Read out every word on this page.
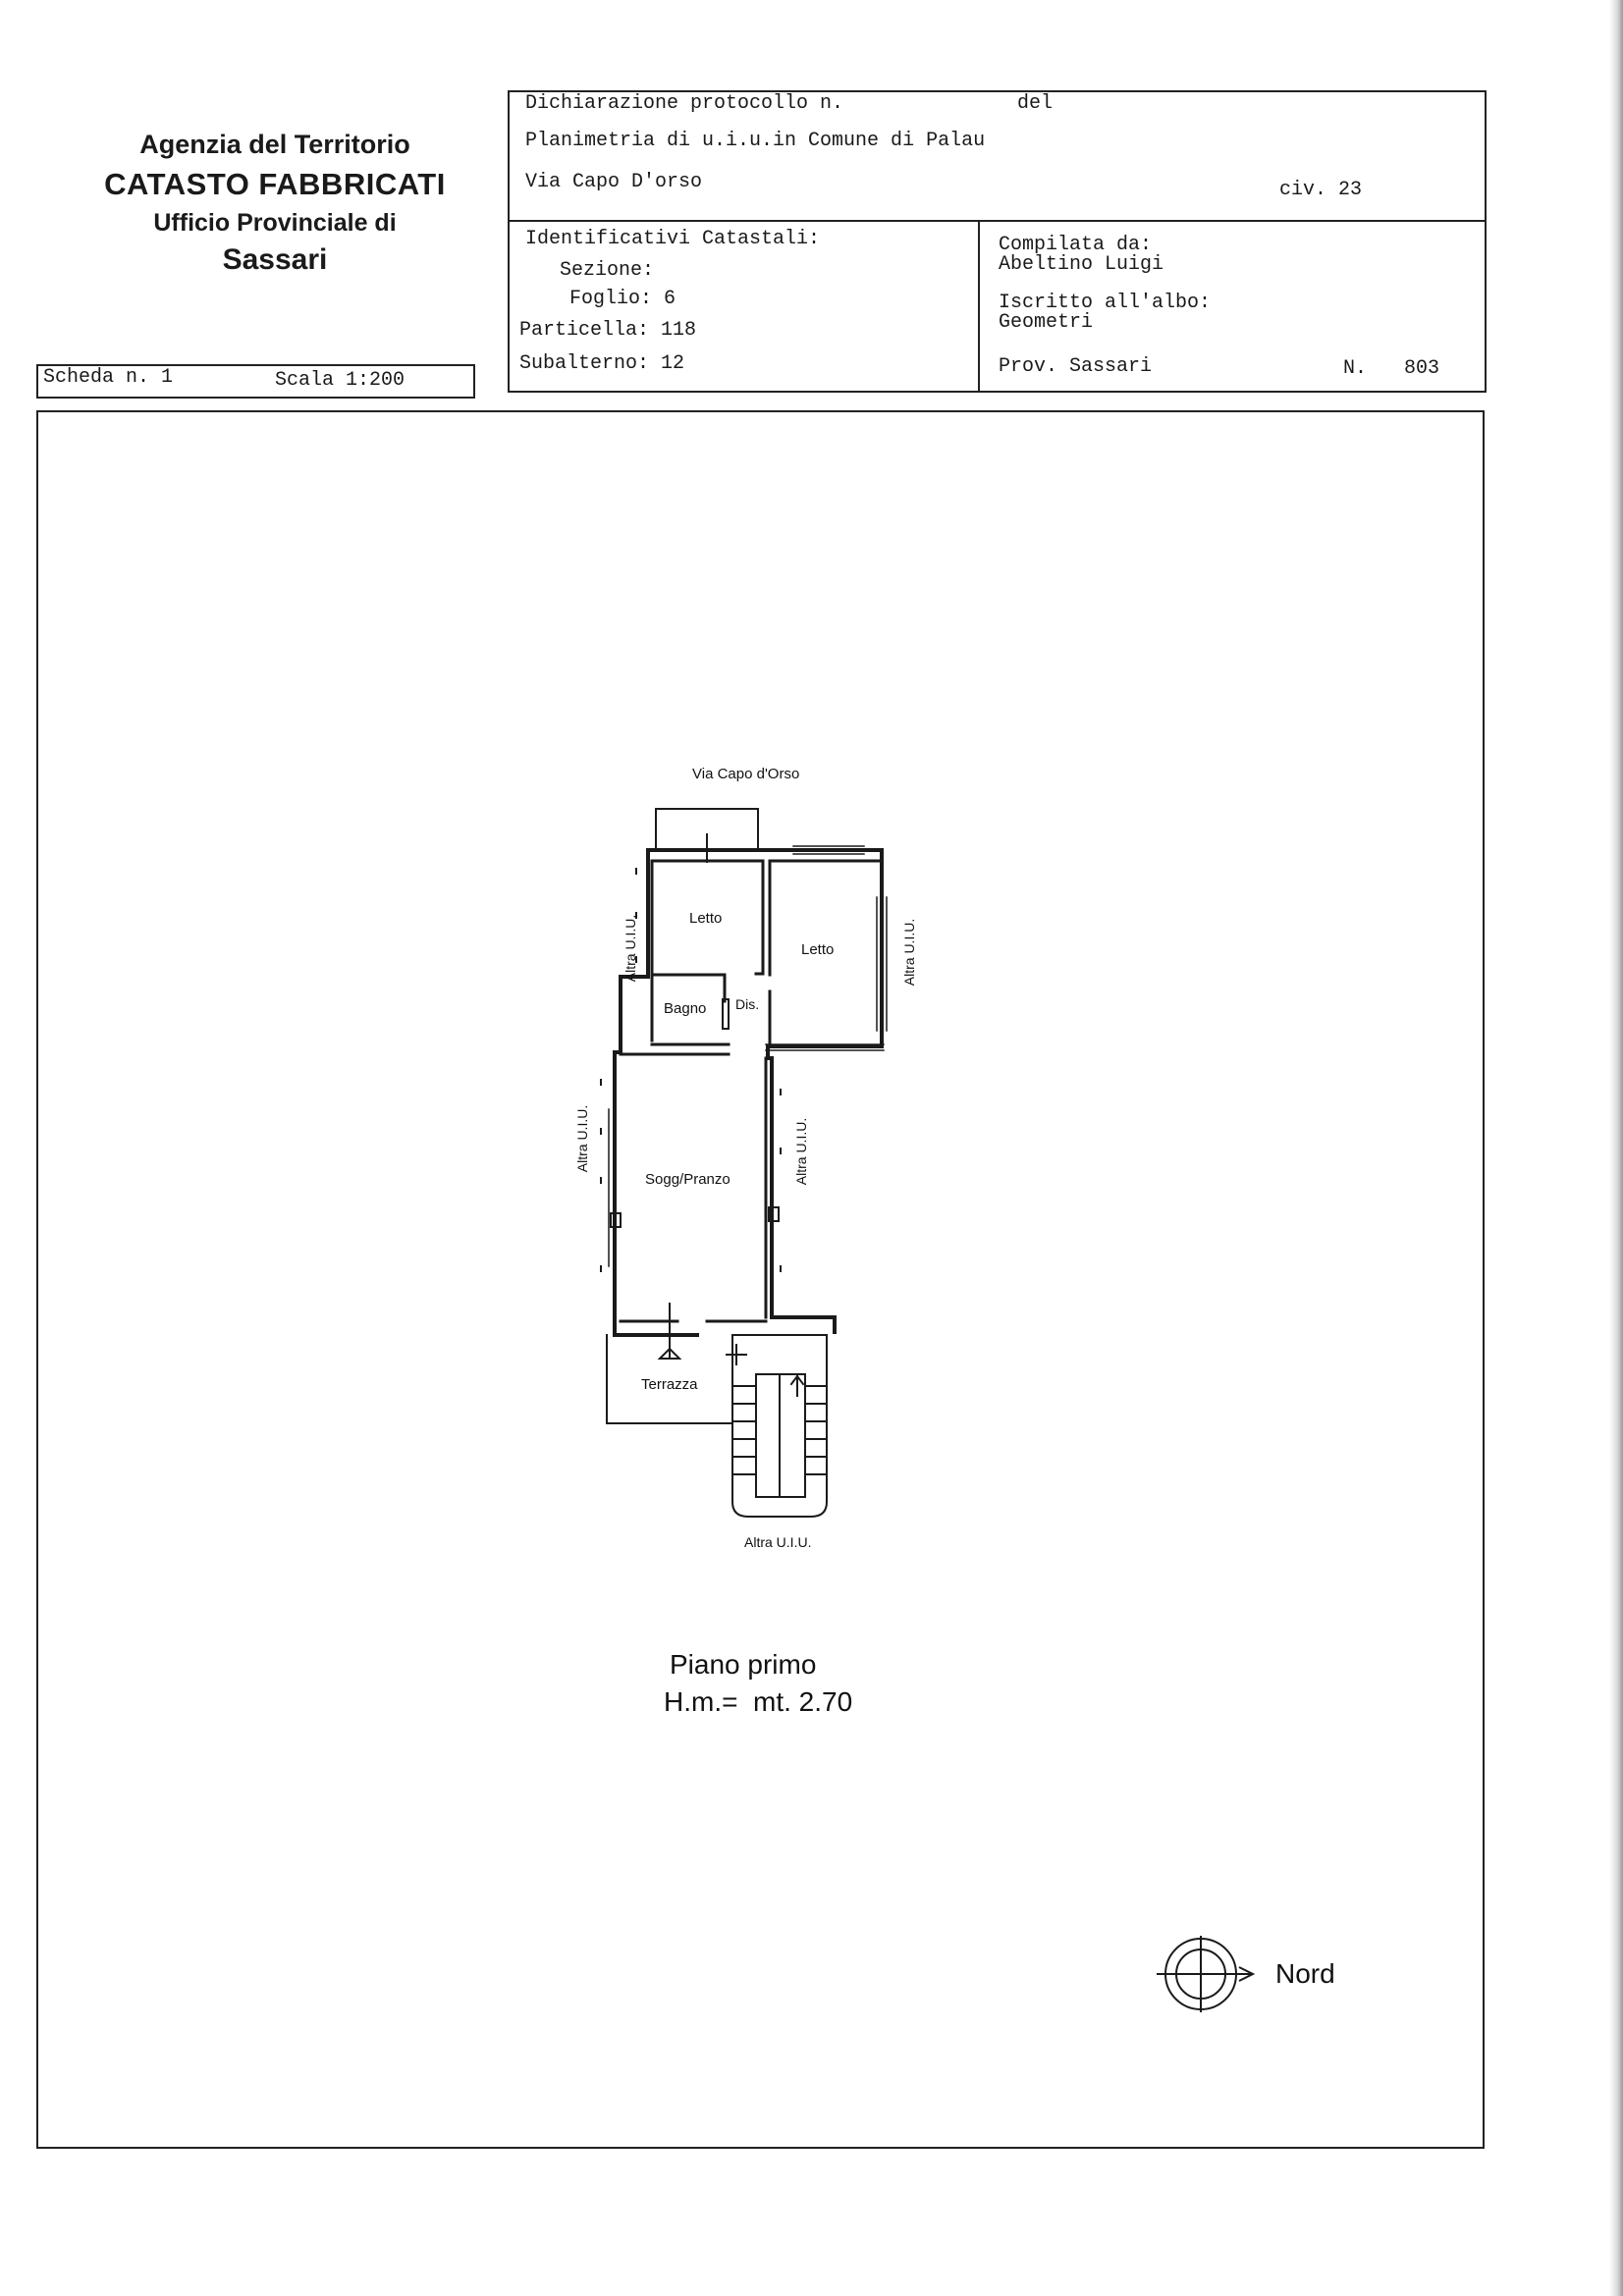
Agenzia del Territorio
CATASTO FABBRICATI
Ufficio Provinciale di
Sassari
Dichiarazione protocollo n.	del
Planimetria di u.i.u.in Comune di Palau
Via Capo D'orso	civ. 23
Identificativi Catastali:
Sezione:
Foglio: 6
Particella: 118
Subalterno: 12
Compilata da:
Abeltino Luigi
Iscritto all'albo:
Geometri
Prov. Sassari	N. 803
Scheda n. 1	Scala 1:200
Via Capo d'Orso
Letto
Letto
Bagno Dis.
Sogg/Pranzo
Terrazza
Altra U.I.U.	Altra U.I.U.
Altra U.I.U.	Altra U.I.U.
Altra U.I.U.
Piano primo
H.m.=  mt. 2.70
Nord
